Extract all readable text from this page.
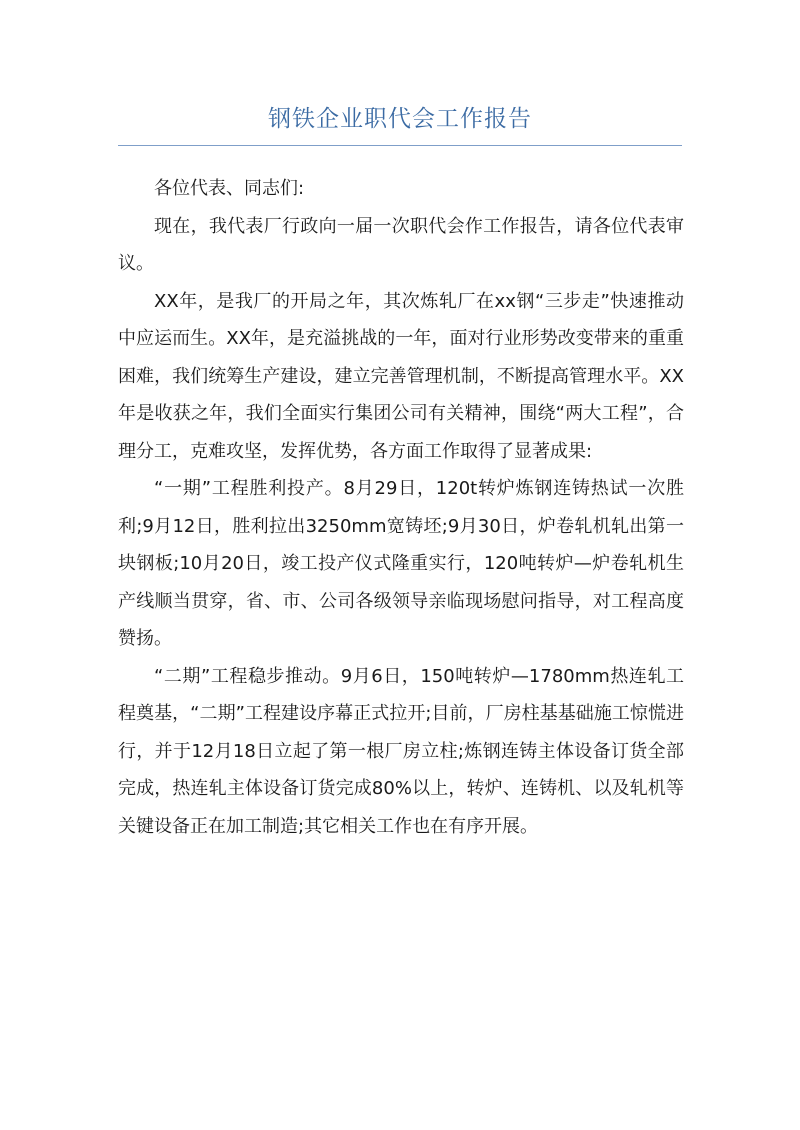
钢铁企业职代会工作报告

各位代表、同志们:

现在，我代表厂行政向一届一次职代会作工作报告，请各位代表审议。

XX年，是我厂的开局之年，其次炼轧厂在xx钢“三步走”快速推动中应运而生。XX年，是充溢挑战的一年，面对行业形势改变带来的重重困难，我们统筹生产建设，建立完善管理机制，不断提高管理水平。XX年是收获之年，我们全面实行集团公司有关精神，围绕“两大工程”，合理分工，克难攻坚，发挥优势，各方面工作取得了显著成果:

“一期”工程胜利投产。8月29日，120t转炉炼钢连铸热试一次胜利;9月12日，胜利拉出3250mm宽铸坯;9月30日，炉卷轧机轧出第一块钢板;10月20日，竣工投产仪式隆重实行，120吨转炉—炉卷轧机生产线顺当贯穿，省、市、公司各级领导亲临现场慰问指导，对工程高度赞扬。

“二期”工程稳步推动。9月6日，150吨转炉—1780mm热连轧工程奠基，“二期”工程建设序幕正式拉开;目前，厂房柱基基础施工惊慌进行，并于12月18日立起了第一根厂房立柱;炼钢连铸主体设备订货全部完成，热连轧主体设备订货完成80%以上，转炉、连铸机、以及轧机等关键设备正在加工制造;其它相关工作也在有序开展。
